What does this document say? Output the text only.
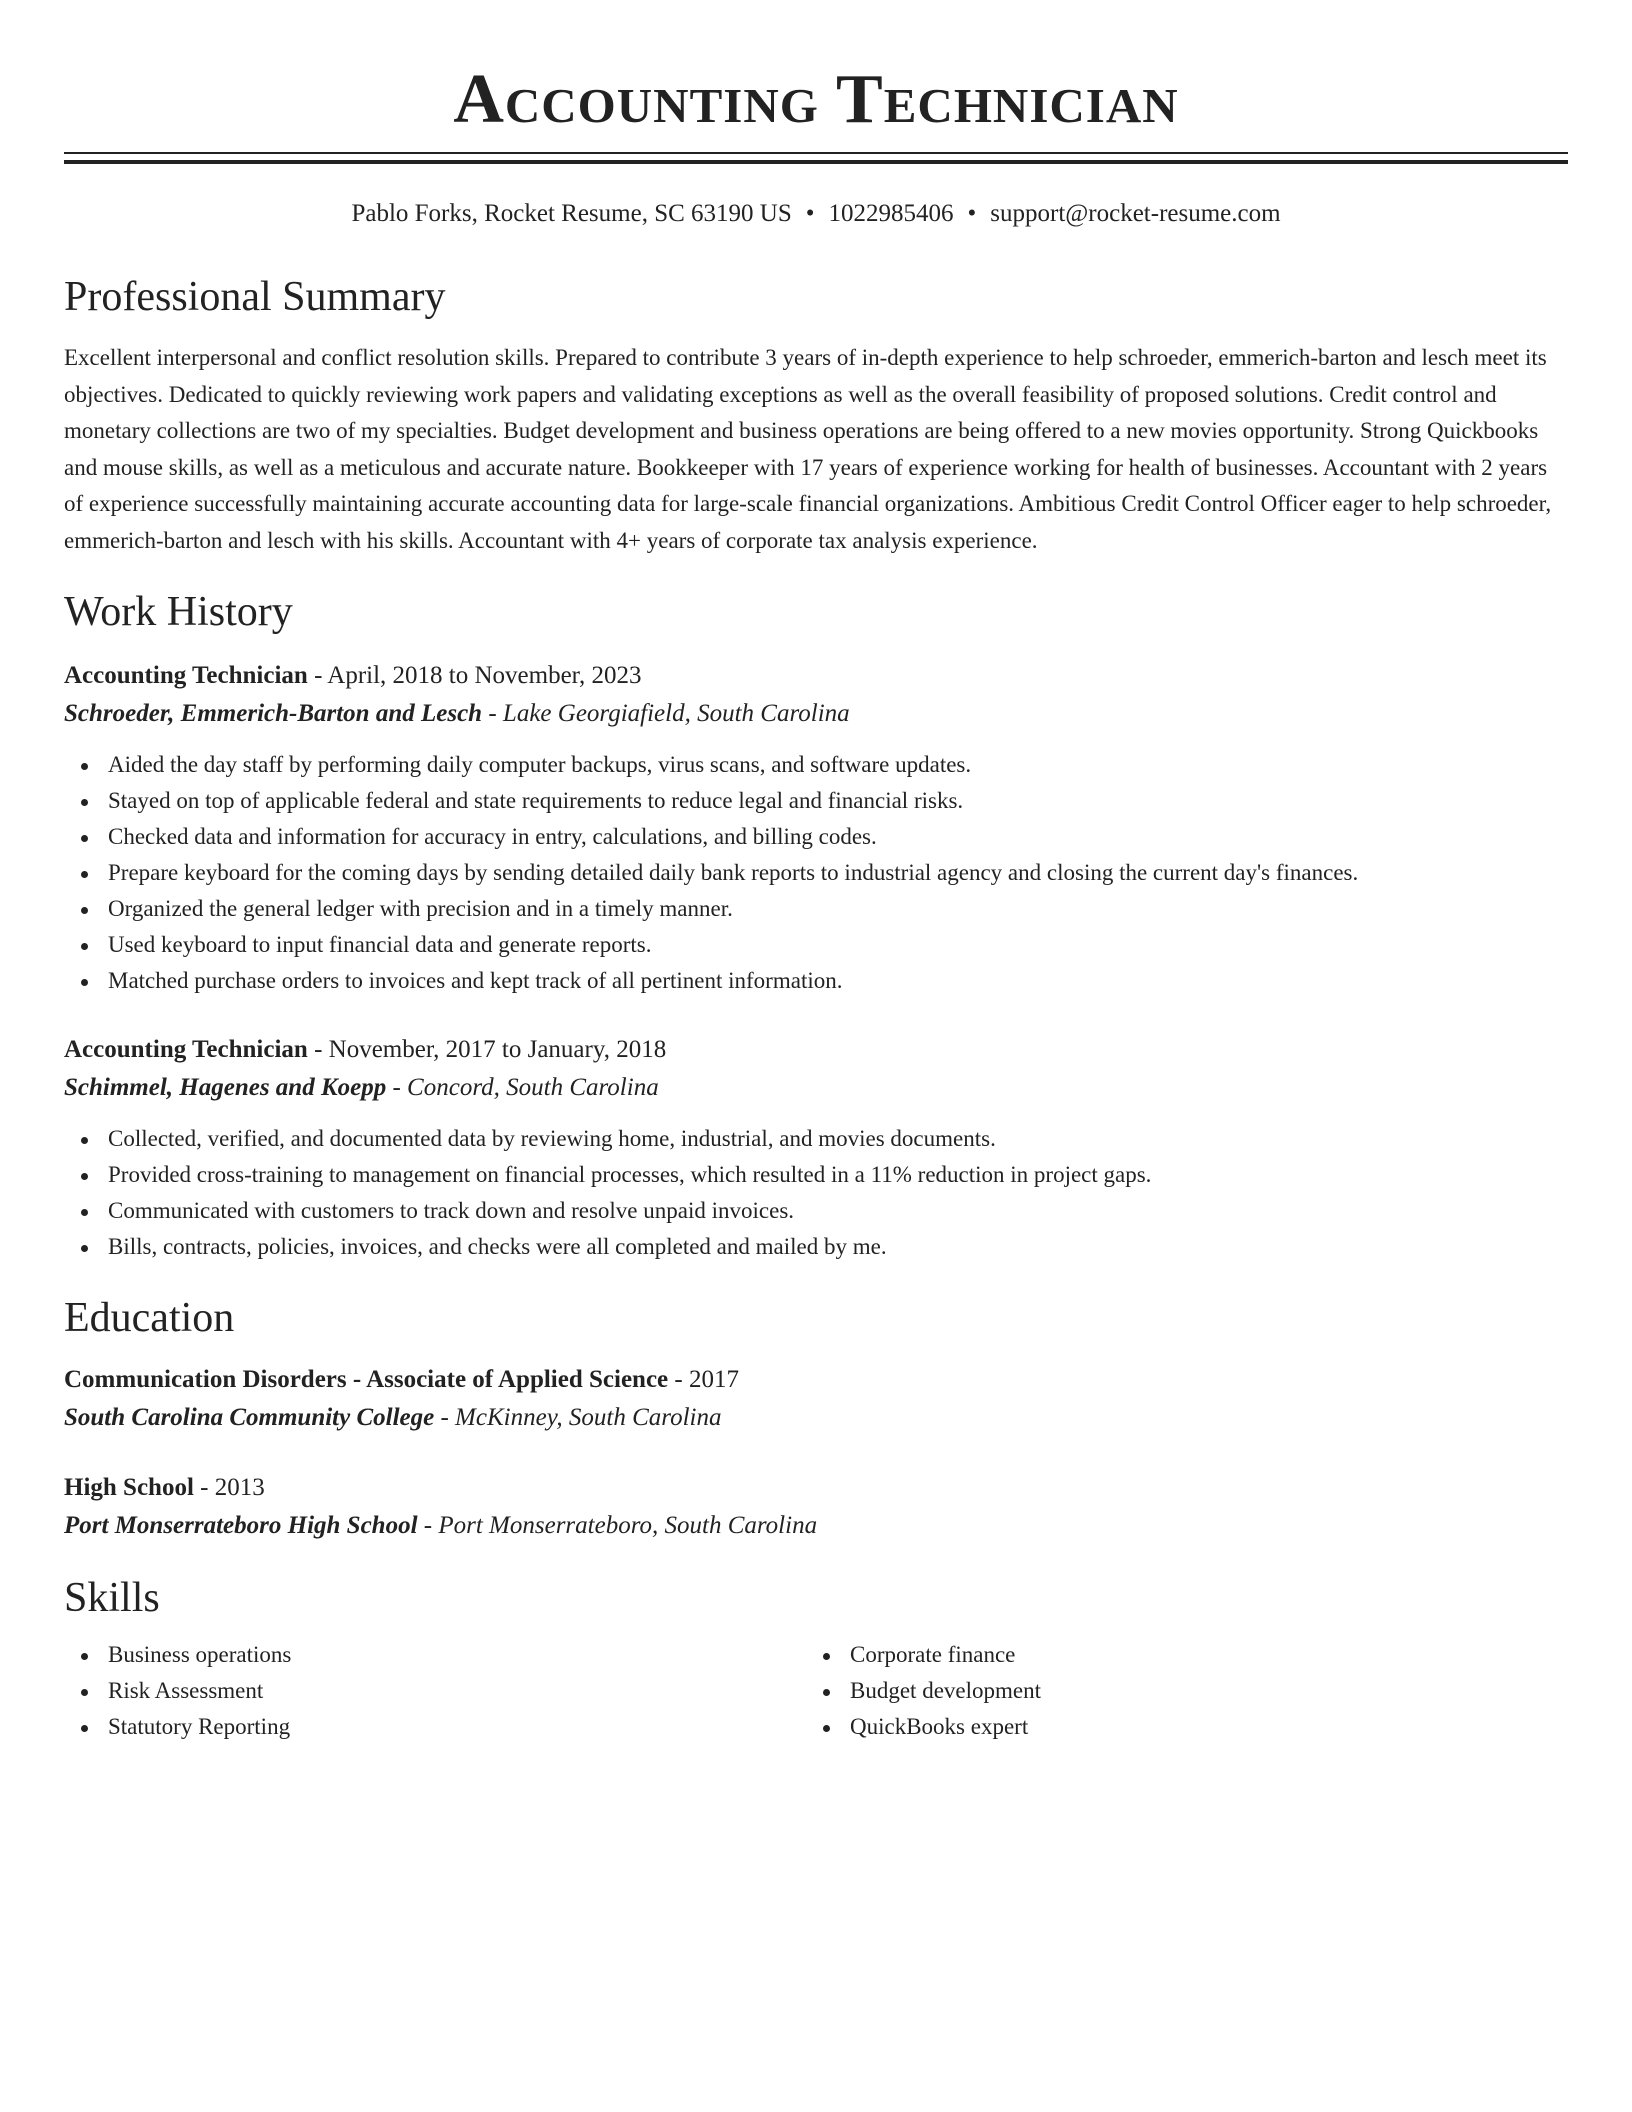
Accounting Technician
Pablo Forks, Rocket Resume, SC 63190 US • 1022985406 • support@rocket-resume.com
Professional Summary

Excellent interpersonal and conflict resolution skills. Prepared to contribute 3 years of in-depth experience to help schroeder, emmerich-barton and lesch meet its objectives. Dedicated to quickly reviewing work papers and validating exceptions as well as the overall feasibility of proposed solutions. Credit control and monetary collections are two of my specialties. Budget development and business operations are being offered to a new movies opportunity. Strong Quickbooks and mouse skills, as well as a meticulous and accurate nature. Bookkeeper with 17 years of experience working for health of businesses. Accountant with 2 years of experience successfully maintaining accurate accounting data for large-scale financial organizations. Ambitious Credit Control Officer eager to help schroeder, emmerich-barton and lesch with his skills. Accountant with 4+ years of corporate tax analysis experience.

Work History
Accounting Technician - April, 2018 to November, 2023
Schroeder, Emmerich-Barton and Lesch - Lake Georgiafield, South Carolina
Aided the day staff by performing daily computer backups, virus scans, and software updates.
Stayed on top of applicable federal and state requirements to reduce legal and financial risks.
Checked data and information for accuracy in entry, calculations, and billing codes.
Prepare keyboard for the coming days by sending detailed daily bank reports to industrial agency and closing the current day's finances.
Organized the general ledger with precision and in a timely manner.
Used keyboard to input financial data and generate reports.
Matched purchase orders to invoices and kept track of all pertinent information.
Accounting Technician - November, 2017 to January, 2018
Schimmel, Hagenes and Koepp - Concord, South Carolina
Collected, verified, and documented data by reviewing home, industrial, and movies documents.
Provided cross-training to management on financial processes, which resulted in a 11% reduction in project gaps.
Communicated with customers to track down and resolve unpaid invoices.
Bills, contracts, policies, invoices, and checks were all completed and mailed by me.
Education
Communication Disorders - Associate of Applied Science - 2017
South Carolina Community College - McKinney, South Carolina
High School - 2013
Port Monserrateboro High School - Port Monserrateboro, South Carolina
Skills
Business operations
Risk Assessment
Statutory Reporting
Corporate finance
Budget development
QuickBooks expert
